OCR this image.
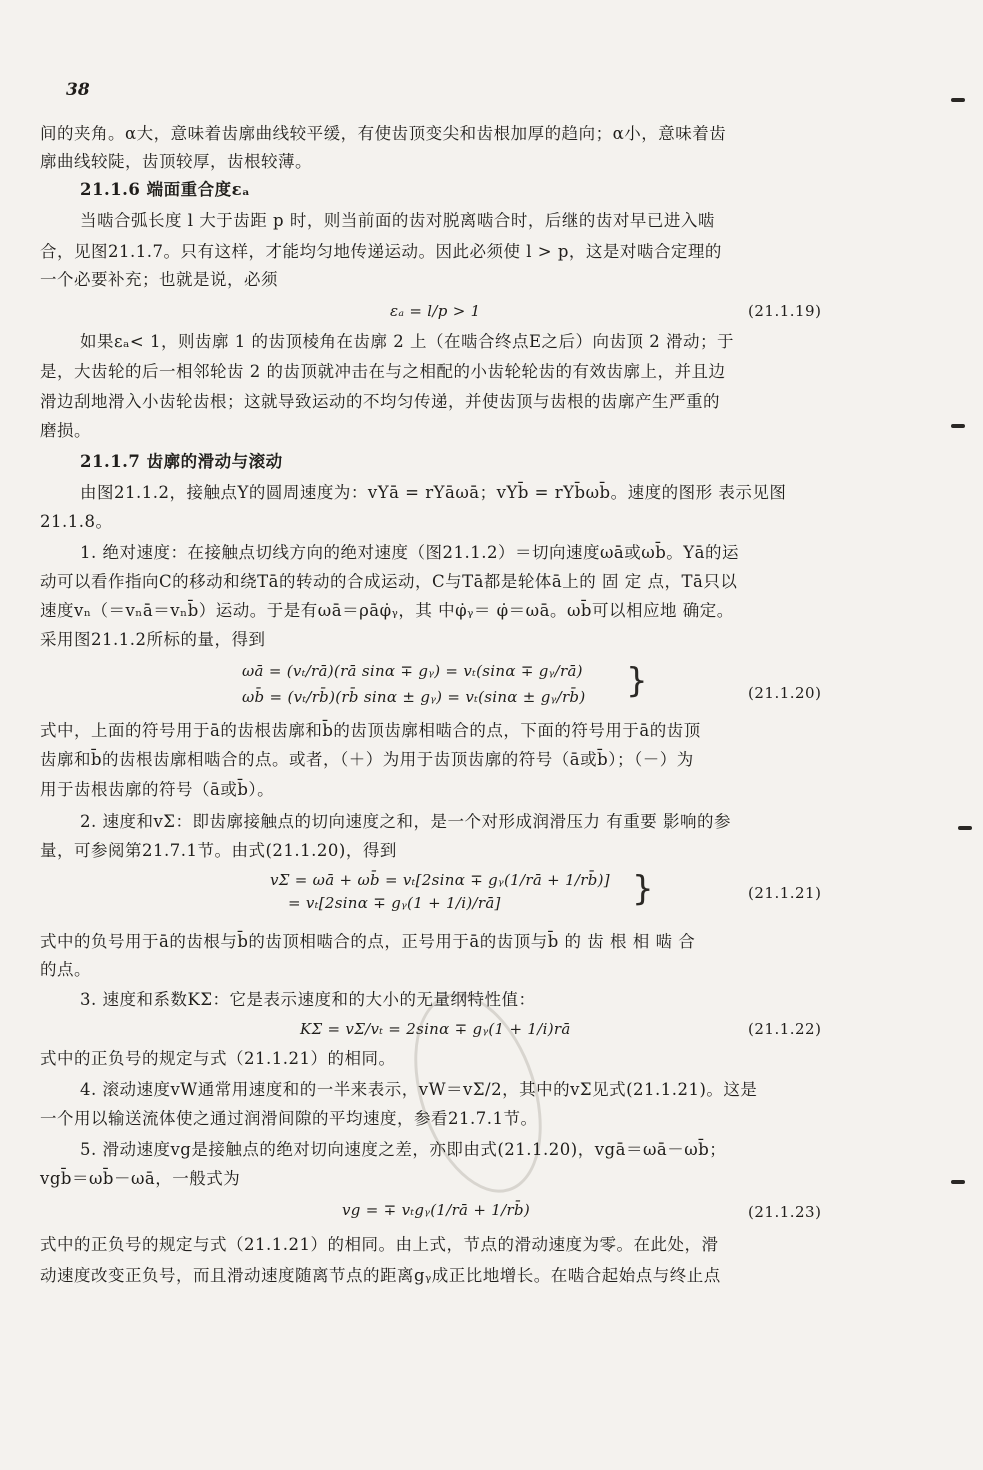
38
间的夹角。α大，意味着齿廓曲线较平缓，有使齿顶变尖和齿根加厚的趋向；α小，意味着齿
廓曲线较陡，齿顶较厚，齿根较薄。
21.1.6 端面重合度εₐ
当啮合弧长度 l 大于齿距 p 时，则当前面的齿对脱离啮合时，后继的齿对早已进入啮
合，见图21.1.7。只有这样，才能均匀地传递运动。因此必须使 l > p，这是对啮合定理的
一个必要补充；也就是说，必须
εₐ = l/p > 1	(21.1.19)
如果εₐ< 1，则齿廓 1 的齿顶棱角在齿廓 2 上（在啮合终点E之后）向齿顶 2 滑动；于
是，大齿轮的后一相邻轮齿 2 的齿顶就冲击在与之相配的小齿轮轮齿的有效齿廓上，并且边
滑边刮地滑入小齿轮齿根；这就导致运动的不均匀传递，并使齿顶与齿根的齿廓产生严重的
磨损。
21.1.7 齿廓的滑动与滚动
由图21.1.2，接触点Y的圆周速度为：vYā = rYāωā；vYb̄ = rYb̄ωb̄。速度的图形 表示见图
21.1.8。
1. 绝对速度：在接触点切线方向的绝对速度（图21.1.2）＝切向速度ωā或ωb̄。Yā的运
动可以看作指向C的移动和绕Tā的转动的合成运动，C与Tā都是轮体ā上的 固 定 点，Tā只以
速度vₙ（＝vₙā＝vₙb̄）运动。于是有ωā＝ρāφ̇ᵧ，其 中φ̇ᵧ＝ φ̇＝ωā。ωb̄可以相应地 确定。
采用图21.1.2所标的量，得到
ωā = (vₜ/rā)(rā sinα ∓ gᵧ) = vₜ(sinα ∓ gᵧ/rā)
ωb̄ = (vₜ/rb̄)(rb̄ sinα ± gᵧ) = vₜ(sinα ± gᵧ/rb̄) }	(21.1.20)
式中，上面的符号用于ā的齿根齿廓和b̄的齿顶齿廓相啮合的点，下面的符号用于ā的齿顶
齿廓和b̄的齿根齿廓相啮合的点。或者，（＋）为用于齿顶齿廓的符号（ā或b̄）；（－）为
用于齿根齿廓的符号（ā或b̄）。
2. 速度和vΣ：即齿廓接触点的切向速度之和，是一个对形成润滑压力 有重要 影响的参
量，可参阅第21.7.1节。由式(21.1.20)，得到
vΣ = ωā + ωb̄ = vₜ[2sinα ∓ gᵧ(1/rā + 1/rb̄)]
= vₜ[2sinα ∓ gᵧ(1 + 1/i)/rā]	}	(21.1.21)
式中的负号用于ā的齿根与b̄的齿顶相啮合的点，正号用于ā的齿顶与b̄ 的 齿 根 相 啮 合
的点。
3. 速度和系数KΣ：它是表示速度和的大小的无量纲特性值：
KΣ = vΣ/vₜ = 2sinα ∓ gᵧ(1 + 1/i)rā	(21.1.22)
式中的正负号的规定与式（21.1.21）的相同。
4. 滚动速度vW通常用速度和的一半来表示，vW＝vΣ/2，其中的vΣ见式(21.1.21)。这是
一个用以输送流体使之通过润滑间隙的平均速度，参看21.7.1节。
5. 滑动速度vg是接触点的绝对切向速度之差，亦即由式(21.1.20)，vgā＝ωā－ωb̄；
vgb̄＝ωb̄－ωā，一般式为
vg = ∓ vₜgᵧ(1/rā + 1/rb̄)	(21.1.23)
式中的正负号的规定与式（21.1.21）的相同。由上式，节点的滑动速度为零。在此处，滑
动速度改变正负号，而且滑动速度随离节点的距离gᵧ成正比地增长。在啮合起始点与终止点
